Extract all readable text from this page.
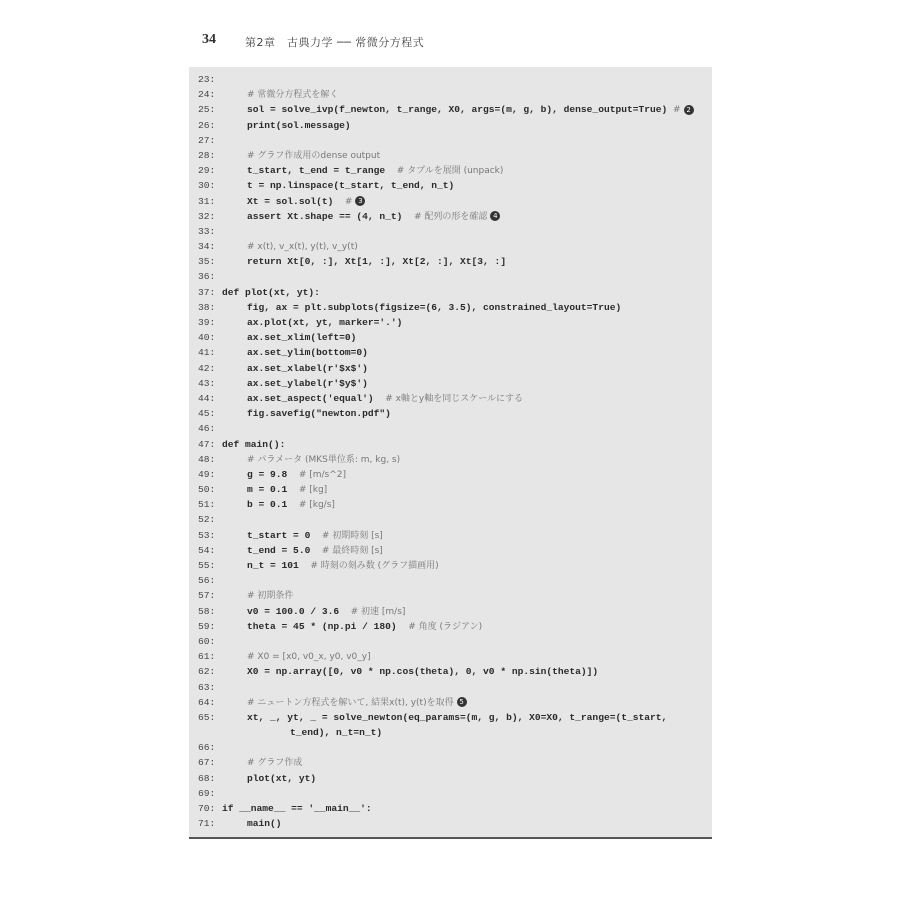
34	第2章　古典力学 ── 常微分方程式
23:
24:	# 常微分方程式を解く
25:	sol = solve_ivp(f_newton, t_range, X0, args=(m, g, b), dense_output=True) # 2
26:	print(sol.message)
27:
28:	# グラフ作成用のdense output
29:	t_start, t_end = t_range  # タプルを展開 (unpack)
30:	t = np.linspace(t_start, t_end, n_t)
31:	Xt = sol.sol(t)  # 3
32:	assert Xt.shape == (4, n_t)  # 配列の形を確認 4
33:
34:	# x(t), v_x(t), y(t), v_y(t)
35:	return Xt[0, :], Xt[1, :], Xt[2, :], Xt[3, :]
36:
37: def plot(xt, yt):
38:	fig, ax = plt.subplots(figsize=(6, 3.5), constrained_layout=True)
39:	ax.plot(xt, yt, marker='.')
40:	ax.set_xlim(left=0)
41:	ax.set_ylim(bottom=0)
42:	ax.set_xlabel(r'$x$')
43:	ax.set_ylabel(r'$y$')
44:	ax.set_aspect('equal')  # x軸とy軸を同じスケールにする
45:	fig.savefig("newton.pdf")
46:
47: def main():
48:	# パラメータ (MKS単位系: m, kg, s)
49:	g = 9.8  # [m/s^2]
50:	m = 0.1  # [kg]
51:	b = 0.1  # [kg/s]
52:
53:	t_start = 0  # 初期時刻 [s]
54:	t_end = 5.0  # 最終時刻 [s]
55:	n_t = 101  # 時刻の刻み数 (グラフ描画用)
56:
57:	# 初期条件
58:	v0 = 100.0 / 3.6  # 初速 [m/s]
59:	theta = 45 * (np.pi / 180)  # 角度 (ラジアン)
60:
61:	# X0 = [x0, v0_x, y0, v0_y]
62:	X0 = np.array([0, v0 * np.cos(theta), 0, v0 * np.sin(theta)])
63:
64:	# ニュートン方程式を解いて, 結果x(t), y(t)を取得 5
65:	xt, _, yt, _ = solve_newton(eq_params=(m, g, b), X0=X0, t_range=(t_start,
t_end), n_t=n_t)
66:
67:	# グラフ作成
68:	plot(xt, yt)
69:
70: if __name__ == '__main__':
71:	main()
